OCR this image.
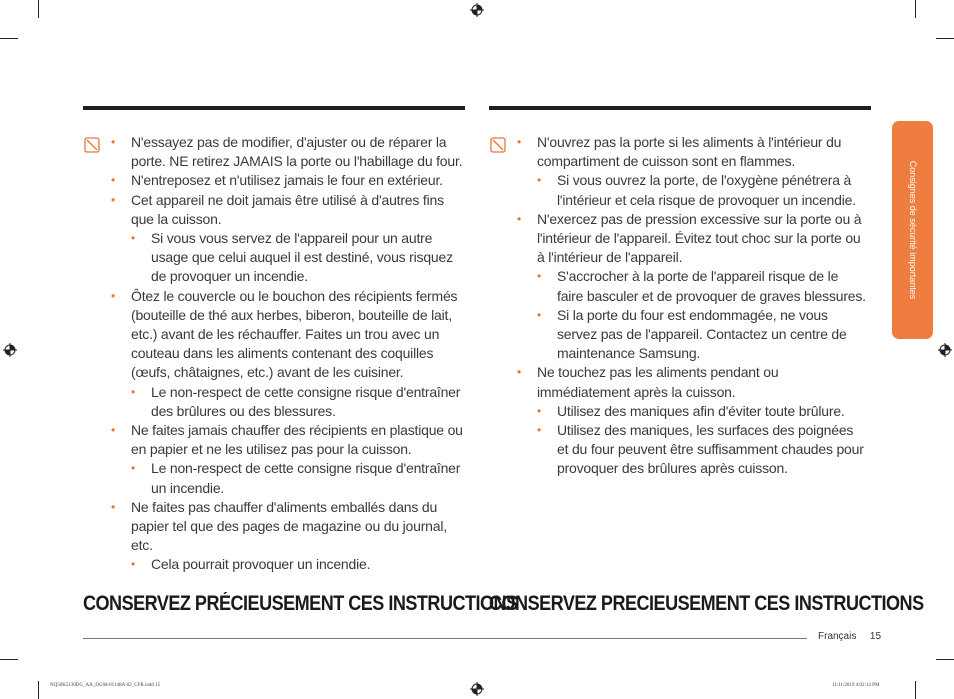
• N'essayez pas de modifier, d'ajuster ou de réparer la porte. NE retirez JAMAIS la porte ou l'habillage du four.
• N'entreposez et n'utilisez jamais le four en extérieur.
• Cet appareil ne doit jamais être utilisé à d'autres fins que la cuisson.
• Si vous vous servez de l'appareil pour un autre usage que celui auquel il est destiné, vous risquez de provoquer un incendie.
• Ôtez le couvercle ou le bouchon des récipients fermés (bouteille de thé aux herbes, biberon, bouteille de lait, etc.) avant de les réchauffer. Faites un trou avec un couteau dans les aliments contenant des coquilles (œufs, châtaignes, etc.) avant de les cuisiner.
• Le non-respect de cette consigne risque d'entraîner des brûlures ou des blessures.
• Ne faites jamais chauffer des récipients en plastique ou en papier et ne les utilisez pas pour la cuisson.
• Le non-respect de cette consigne risque d'entraîner un incendie.
• Ne faites pas chauffer d'aliments emballés dans du papier tel que des pages de magazine ou du journal, etc.
• Cela pourrait provoquer un incendie.
• N'ouvrez pas la porte si les aliments à l'intérieur du compartiment de cuisson sont en flammes.
• Si vous ouvrez la porte, de l'oxygène pénétrera à l'intérieur et cela risque de provoquer un incendie.
• N'exercez pas de pression excessive sur la porte ou à l'intérieur de l'appareil. Évitez tout choc sur la porte ou à l'intérieur de l'appareil.
• S'accrocher à la porte de l'appareil risque de le faire basculer et de provoquer de graves blessures.
• Si la porte du four est endommagée, ne vous servez pas de l'appareil. Contactez un centre de maintenance Samsung.
• Ne touchez pas les aliments pendant ou immédiatement après la cuisson.
• Utilisez des maniques afin d'éviter toute brûlure.
• Utilisez des maniques, les surfaces des poignées et du four peuvent être suffisamment chaudes pour provoquer des brûlures après cuisson.
CONSERVEZ PRÉCIEUSEMENT CES INSTRUCTIONS
CONSERVEZ PRECIEUSEMENT CES INSTRUCTIONS
Consignes de sécurité importantes
Français 15
NQ50K5130DG_AA_DG68-01148A-02_CFR.indd 15	11/11/2019 4:02:14 PM
